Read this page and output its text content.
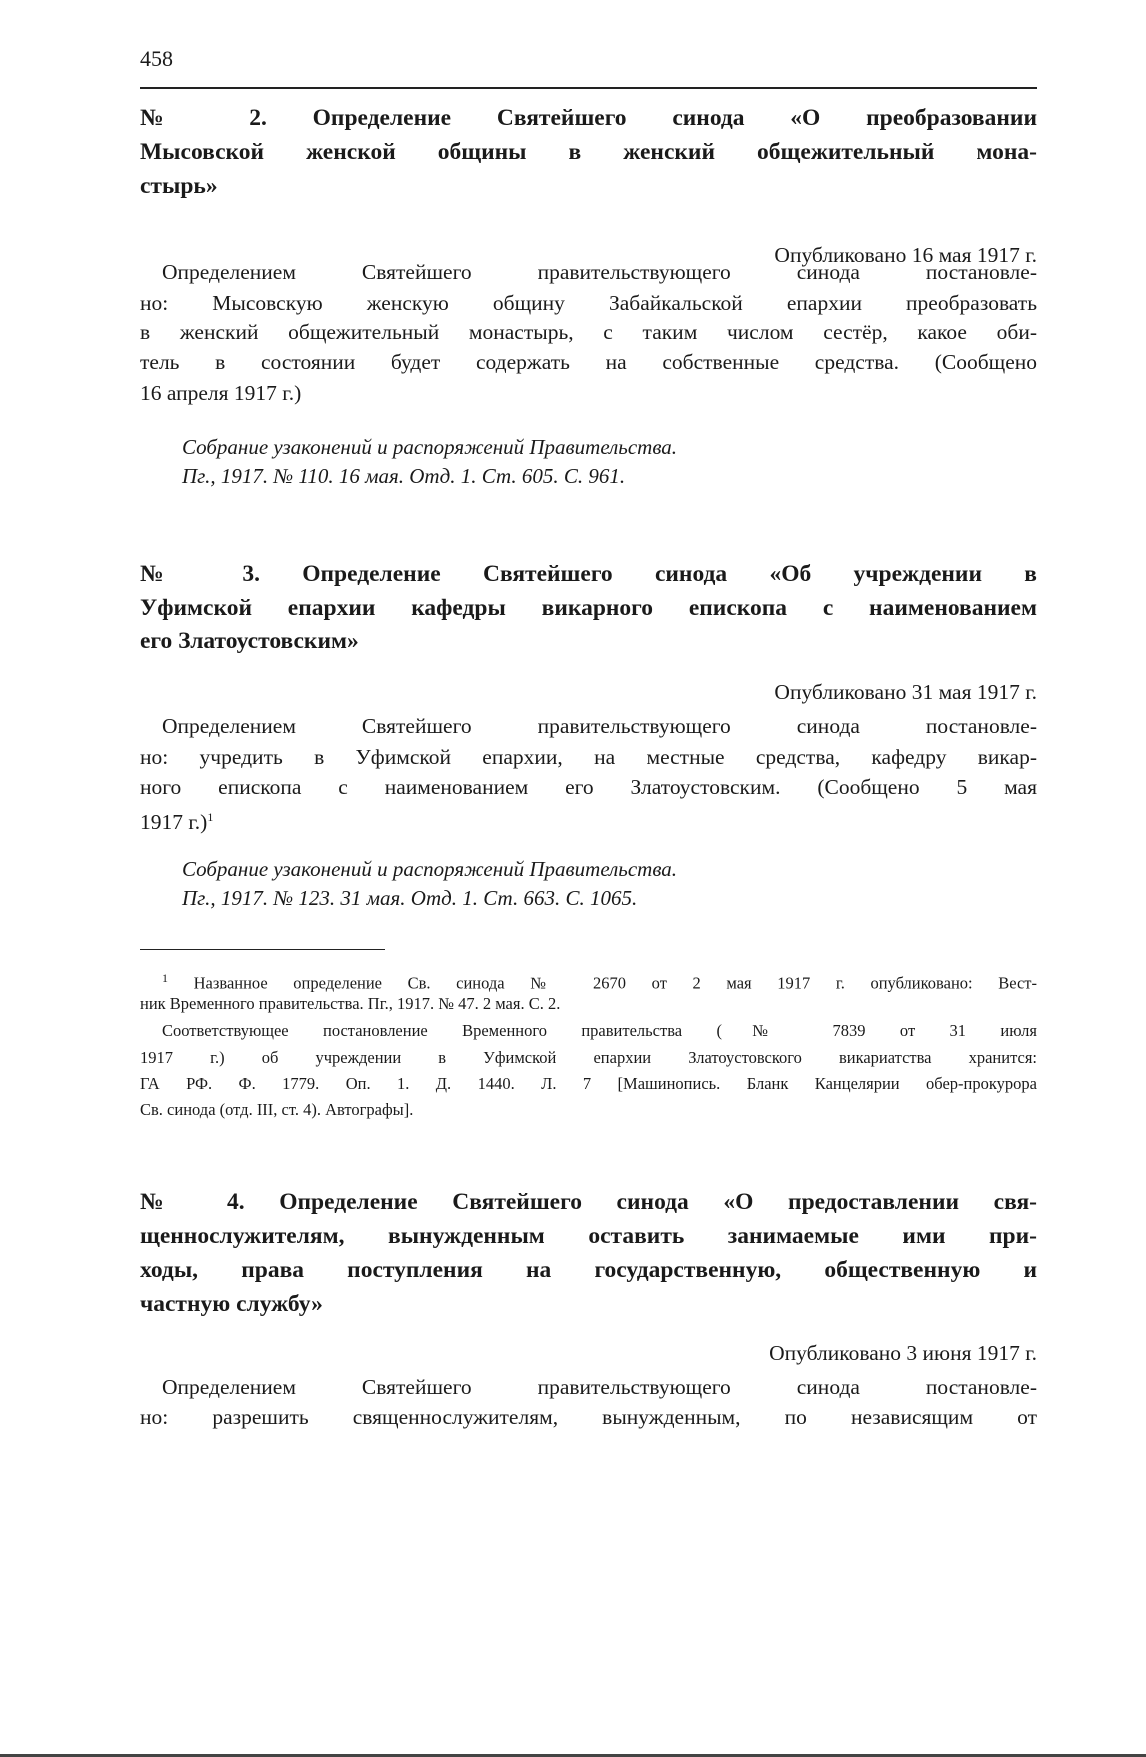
458
№ 2. Определение Святейшего синода «О преобразовании
Мысовской женской общины в женский общежительный мона-
стырь»
Опубликовано 16 мая 1917 г.
Определением Святейшего правительствующего синода постановле-
но: Мысовскую женскую общину Забайкальской епархии преобразовать
в женский общежительный монастырь, с таким числом сестёр, какое оби-
тель в состоянии будет содержать на собственные средства. (Сообщено
16 апреля 1917 г.)
Собрание узаконений и распоряжений Правительства.
Пг., 1917. № 110. 16 мая. Отд. 1. Ст. 605. С. 961.
№ 3. Определение Святейшего синода «Об учреждении в
Уфимской епархии кафедры викарного епископа с наименованием
его Златоустовским»
Опубликовано 31 мая 1917 г.
Определением Святейшего правительствующего синода постановле-
но: учредить в Уфимской епархии, на местные средства, кафедру викар-
ного епископа с наименованием его Златоустовским. (Сообщено 5 мая
1917 г.)$^1$
Собрание узаконений и распоряжений Правительства.
Пг., 1917. № 123. 31 мая. Отд. 1. Ст. 663. С. 1065.
$^1$ Названное определение Св. синода № 2670 от 2 мая 1917 г. опубликовано: Вест-
ник Временного правительства. Пг., 1917. № 47. 2 мая. С. 2.
Соответствующее постановление Временного правительства (№ 7839 от 31 июля
1917 г.) об учреждении в Уфимской епархии Златоустовского викариатства хранится:
ГА РФ. Ф. 1779. Оп. 1. Д. 1440. Л. 7 [Машинопись. Бланк Канцелярии обер-прокурора
Св. синода (отд. III, ст. 4). Автографы].
№ 4. Определение Святейшего синода «О предоставлении свя-
щеннослужителям, вынужденным оставить занимаемые ими при-
ходы, права поступления на государственную, общественную и
частную службу»
Опубликовано 3 июня 1917 г.
Определением Святейшего правительствующего синода постановле-
но: разрешить священнослужителям, вынужденным, по независящим от
